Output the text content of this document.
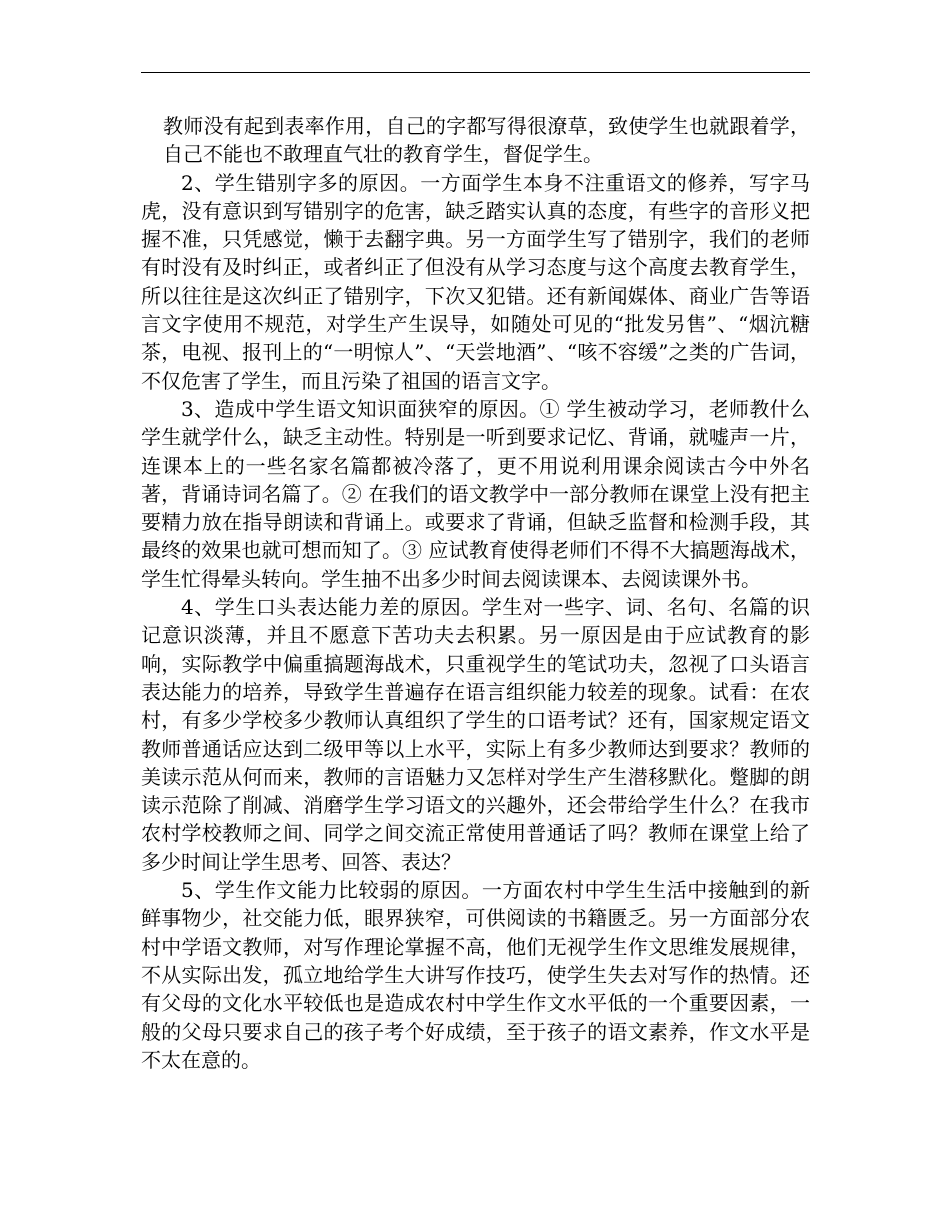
教师没有起到表率作用，自己的字都写得很潦草，致使学生也就跟着学，自己不能也不敢理直气壮的教育学生，督促学生。

2、学生错别字多的原因。一方面学生本身不注重语文的修养，写字马虎，没有意识到写错别字的危害，缺乏踏实认真的态度，有些字的音形义把握不准，只凭感觉，懒于去翻字典。另一方面学生写了错别字，我们的老师有时没有及时纠正，或者纠正了但没有从学习态度与这个高度去教育学生，所以往往是这次纠正了错别字，下次又犯错。还有新闻媒体、商业广告等语言文字使用不规范，对学生产生误导，如随处可见的“批发另售”、“烟沆糖茶，电视、报刊上的“一明惊人”、“天尝地酒”、“咳不容缓”之类的广告词，不仅危害了学生，而且污染了祖国的语言文字。

3、造成中学生语文知识面狭窄的原因。① 学生被动学习，老师教什么学生就学什么，缺乏主动性。特别是一听到要求记忆、背诵，就嘘声一片，连课本上的一些名家名篇都被冷落了，更不用说利用课余阅读古今中外名著，背诵诗词名篇了。② 在我们的语文教学中一部分教师在课堂上没有把主要精力放在指导朗读和背诵上。或要求了背诵，但缺乏监督和检测手段，其最终的效果也就可想而知了。③ 应试教育使得老师们不得不大搞题海战术，学生忙得晕头转向。学生抽不出多少时间去阅读课本、去阅读课外书。

4、学生口头表达能力差的原因。学生对一些字、词、名句、名篇的识记意识淡薄，并且不愿意下苦功夫去积累。另一原因是由于应试教育的影响，实际教学中偏重搞题海战术，只重视学生的笔试功夫，忽视了口头语言表达能力的培养，导致学生普遍存在语言组织能力较差的现象。试看：在农村，有多少学校多少教师认真组织了学生的口语考试？还有，国家规定语文教师普通话应达到二级甲等以上水平，实际上有多少教师达到要求？教师的美读示范从何而来，教师的言语魅力又怎样对学生产生潜移默化。蹩脚的朗读示范除了削减、消磨学生学习语文的兴趣外，还会带给学生什么？在我市农村学校教师之间、同学之间交流正常使用普通话了吗？教师在课堂上给了多少时间让学生思考、回答、表达？

5、学生作文能力比较弱的原因。一方面农村中学生生活中接触到的新鲜事物少，社交能力低，眼界狭窄，可供阅读的书籍匮乏。另一方面部分农村中学语文教师，对写作理论掌握不高，他们无视学生作文思维发展规律，不从实际出发，孤立地给学生大讲写作技巧，使学生失去对写作的热情。还有父母的文化水平较低也是造成农村中学生作文水平低的一个重要因素，一般的父母只要求自己的孩子考个好成绩，至于孩子的语文素养，作文水平是不太在意的。
